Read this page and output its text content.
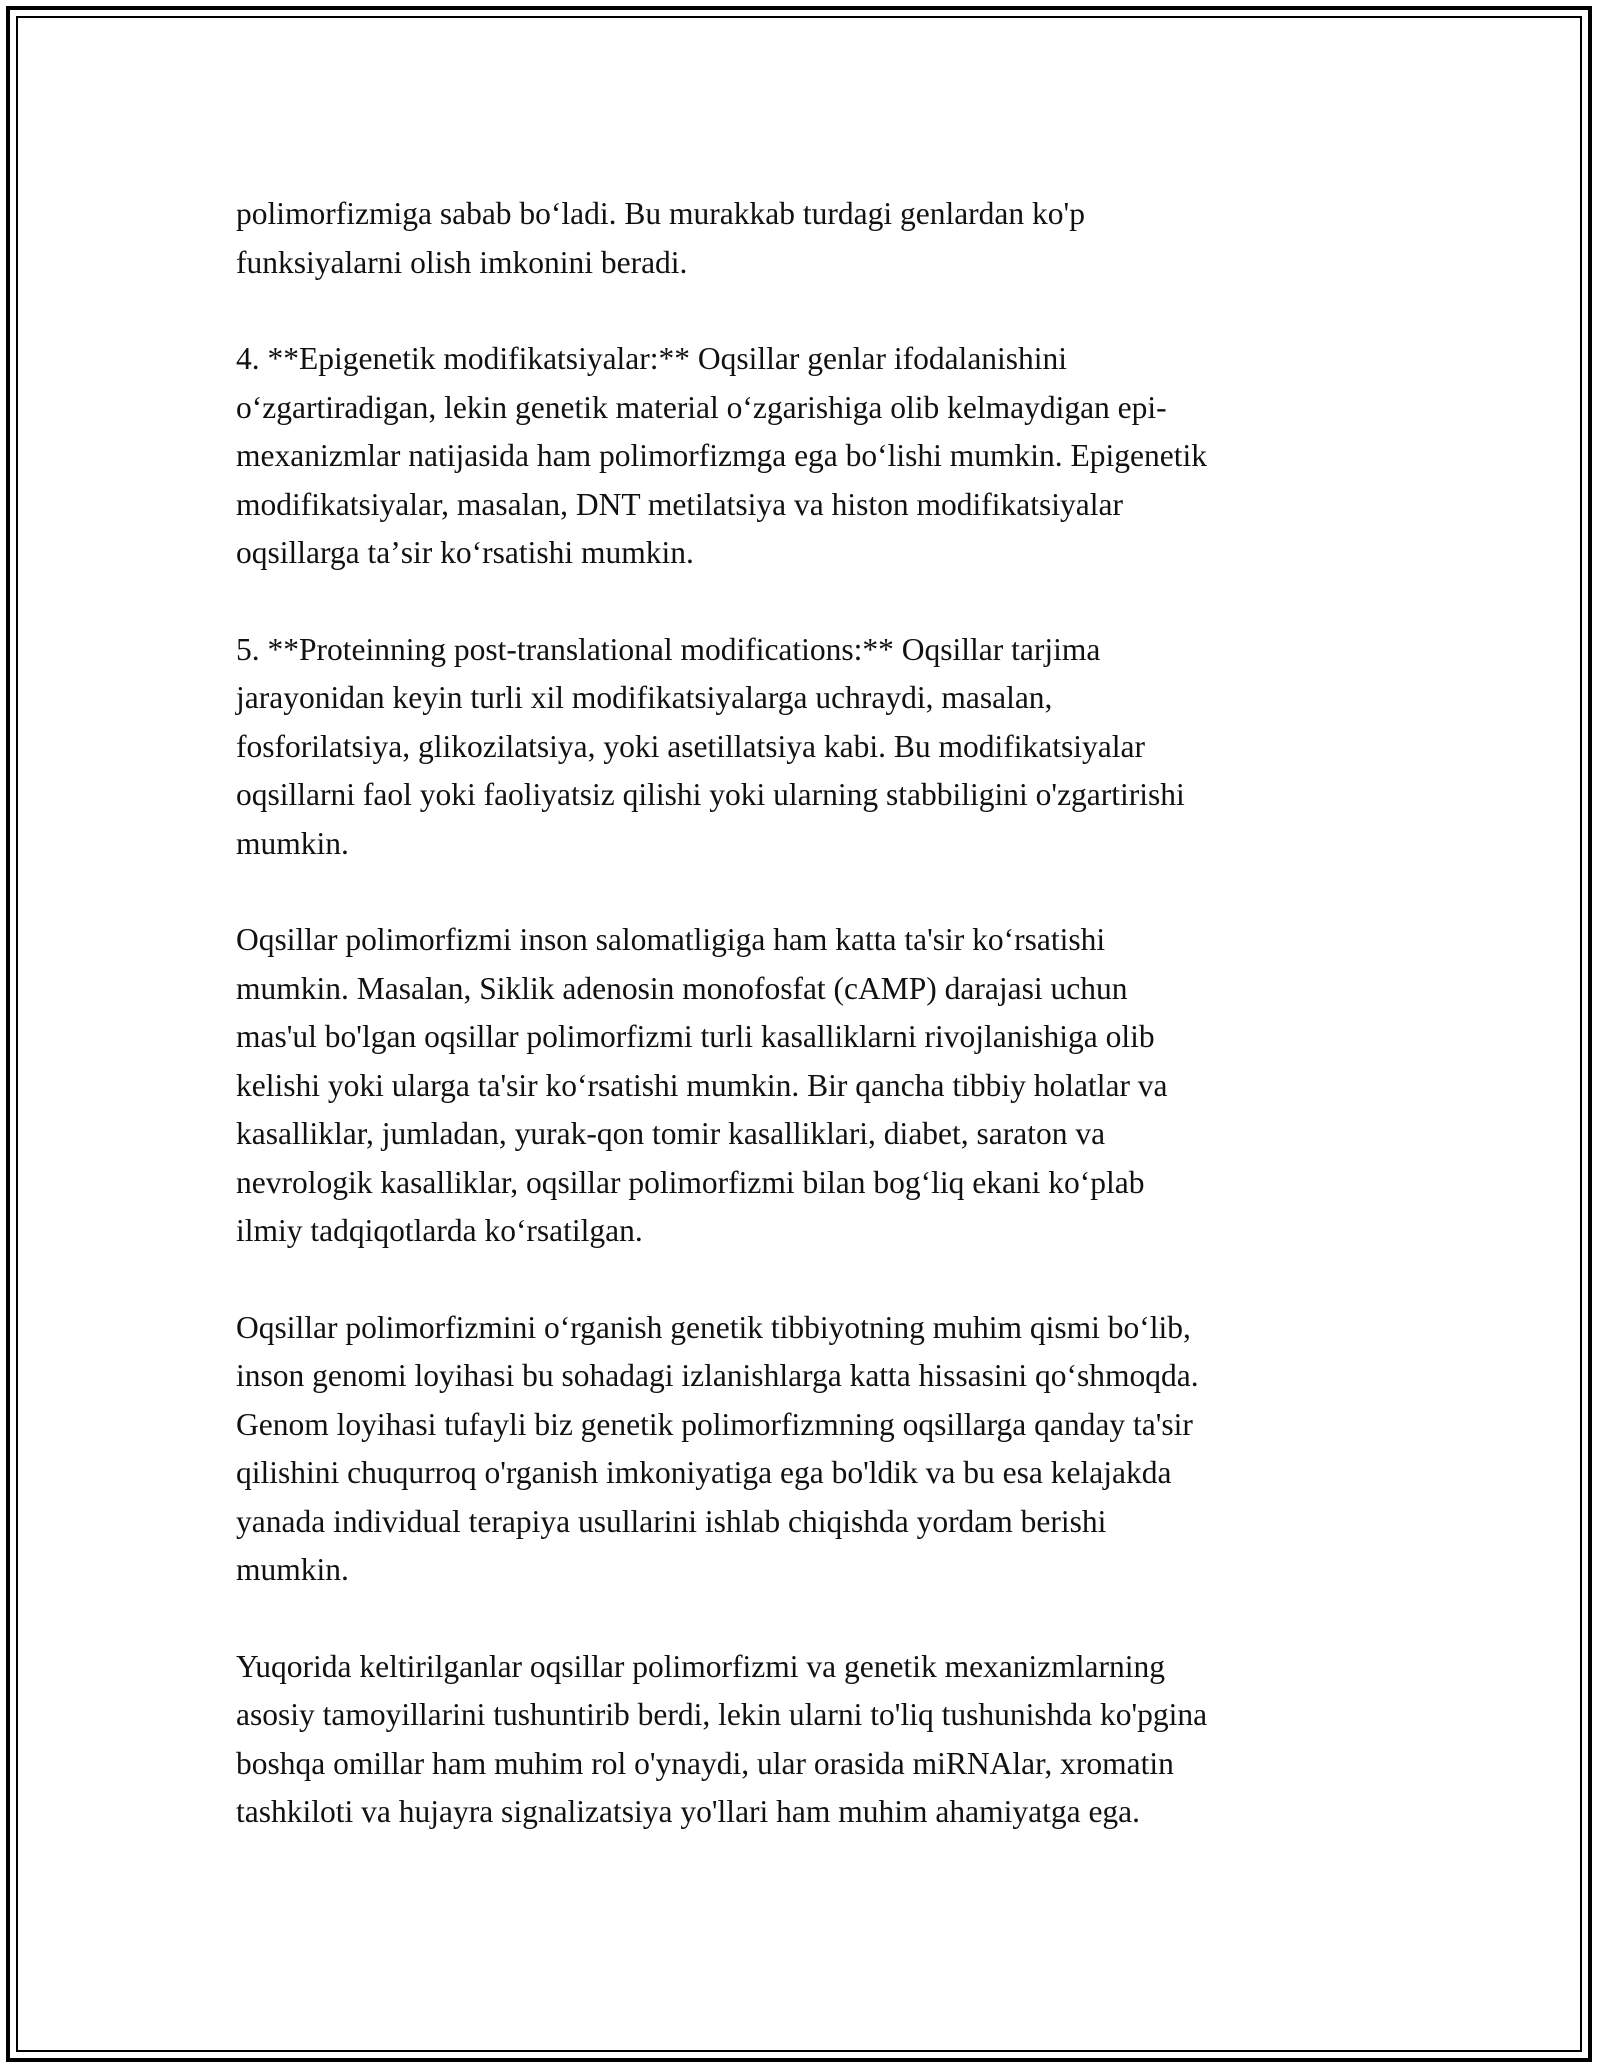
polimorfizmiga sabab boʻladi. Bu murakkab turdagi genlardan ko'p
funksiyalarni olish imkonini beradi.

4. **Epigenetik modifikatsiyalar:** Oqsillar genlar ifodalanishini
oʻzgartiradigan, lekin genetik material oʻzgarishiga olib kelmaydigan epi-
mexanizmlar natijasida ham polimorfizmga ega boʻlishi mumkin. Epigenetik
modifikatsiyalar, masalan, DNT metilatsiya va histon modifikatsiyalar
oqsillarga taʼsir koʻrsatishi mumkin.

5. **Proteinning post-translational modifications:** Oqsillar tarjima
jarayonidan keyin turli xil modifikatsiyalarga uchraydi, masalan,
fosforilatsiya, glikozilatsiya, yoki asetillatsiya kabi. Bu modifikatsiyalar
oqsillarni faol yoki faoliyatsiz qilishi yoki ularning stabbiligini o'zgartirishi
mumkin.

Oqsillar polimorfizmi inson salomatligiga ham katta ta'sir koʻrsatishi
mumkin. Masalan, Siklik adenosin monofosfat (cAMP) darajasi uchun
mas'ul bo'lgan oqsillar polimorfizmi turli kasalliklarni rivojlanishiga olib
kelishi yoki ularga ta'sir koʻrsatishi mumkin. Bir qancha tibbiy holatlar va
kasalliklar, jumladan, yurak-qon tomir kasalliklari, diabet, saraton va
nevrologik kasalliklar, oqsillar polimorfizmi bilan bogʻliq ekani koʻplab
ilmiy tadqiqotlarda koʻrsatilgan.

Oqsillar polimorfizmini oʻrganish genetik tibbiyotning muhim qismi boʻlib,
inson genomi loyihasi bu sohadagi izlanishlarga katta hissasini qoʻshmoqda.
Genom loyihasi tufayli biz genetik polimorfizmning oqsillarga qanday ta'sir
qilishini chuqurroq o'rganish imkoniyatiga ega bo'ldik va bu esa kelajakda
yanada individual terapiya usullarini ishlab chiqishda yordam berishi
mumkin.

Yuqorida keltirilganlar oqsillar polimorfizmi va genetik mexanizmlarning
asosiy tamoyillarini tushuntirib berdi, lekin ularni to'liq tushunishda ko'pgina
boshqa omillar ham muhim rol o'ynaydi, ular orasida miRNAlar, xromatin
tashkiloti va hujayra signalizatsiya yo'llari ham muhim ahamiyatga ega.
